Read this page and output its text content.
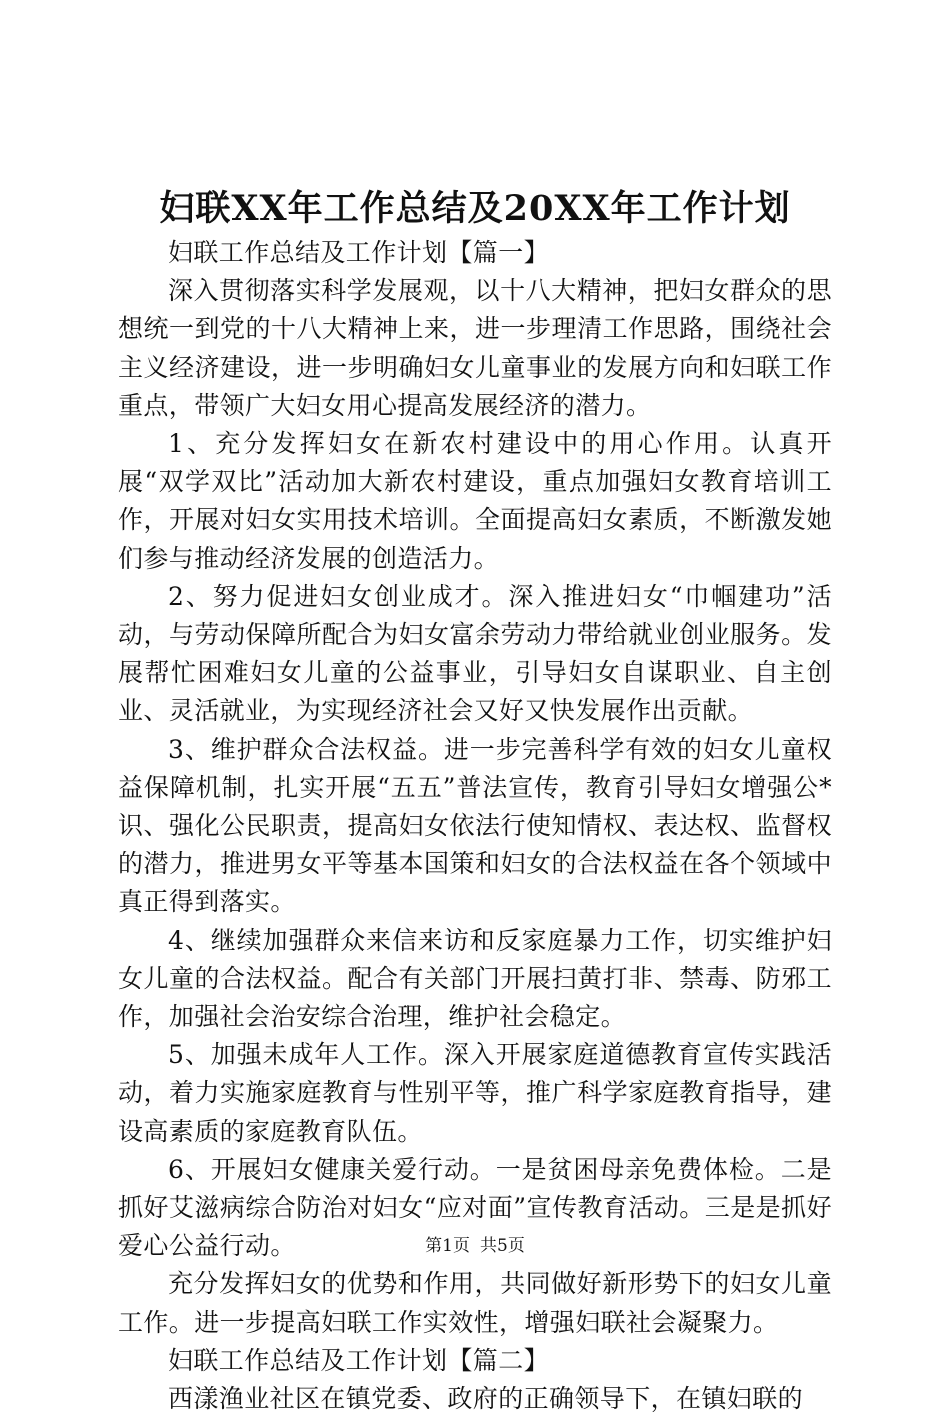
妇联XX年工作总结及20XX年工作计划

妇联工作总结及工作计划【篇一】

深入贯彻落实科学发展观，以十八大精神，把妇女群众的思想统一到党的十八大精神上来，进一步理清工作思路，围绕社会主义经济建设，进一步明确妇女儿童事业的发展方向和妇联工作重点，带领广大妇女用心提高发展经济的潜力。

1、充分发挥妇女在新农村建设中的用心作用。认真开展“双学双比”活动加大新农村建设，重点加强妇女教育培训工作，开展对妇女实用技术培训。全面提高妇女素质，不断激发她们参与推动经济发展的创造活力。

2、努力促进妇女创业成才。深入推进妇女“巾帼建功”活动，与劳动保障所配合为妇女富余劳动力带给就业创业服务。发展帮忙困难妇女儿童的公益事业，引导妇女自谋职业、自主创业、灵活就业，为实现经济社会又好又快发展作出贡献。

3、维护群众合法权益。进一步完善科学有效的妇女儿童权益保障机制，扎实开展“五五”普法宣传，教育引导妇女增强公*识、强化公民职责，提高妇女依法行使知情权、表达权、监督权的潜力，推进男女平等基本国策和妇女的合法权益在各个领域中真正得到落实。

4、继续加强群众来信来访和反家庭暴力工作，切实维护妇女儿童的合法权益。配合有关部门开展扫黄打非、禁毒、防邪工作，加强社会治安综合治理，维护社会稳定。

5、加强未成年人工作。深入开展家庭道德教育宣传实践活动，着力实施家庭教育与性别平等，推广科学家庭教育指导，建设高素质的家庭教育队伍。

6、开展妇女健康关爱行动。一是贫困母亲免费体检。二是抓好艾滋病综合防治对妇女“应对面”宣传教育活动。三是是抓好爱心公益行动。

充分发挥妇女的优势和作用，共同做好新形势下的妇女儿童工作。进一步提高妇联工作实效性，增强妇联社会凝聚力。

妇联工作总结及工作计划【篇二】

西漾渔业社区在镇党委、政府的正确领导下，在镇妇联的

第1页 共5页
